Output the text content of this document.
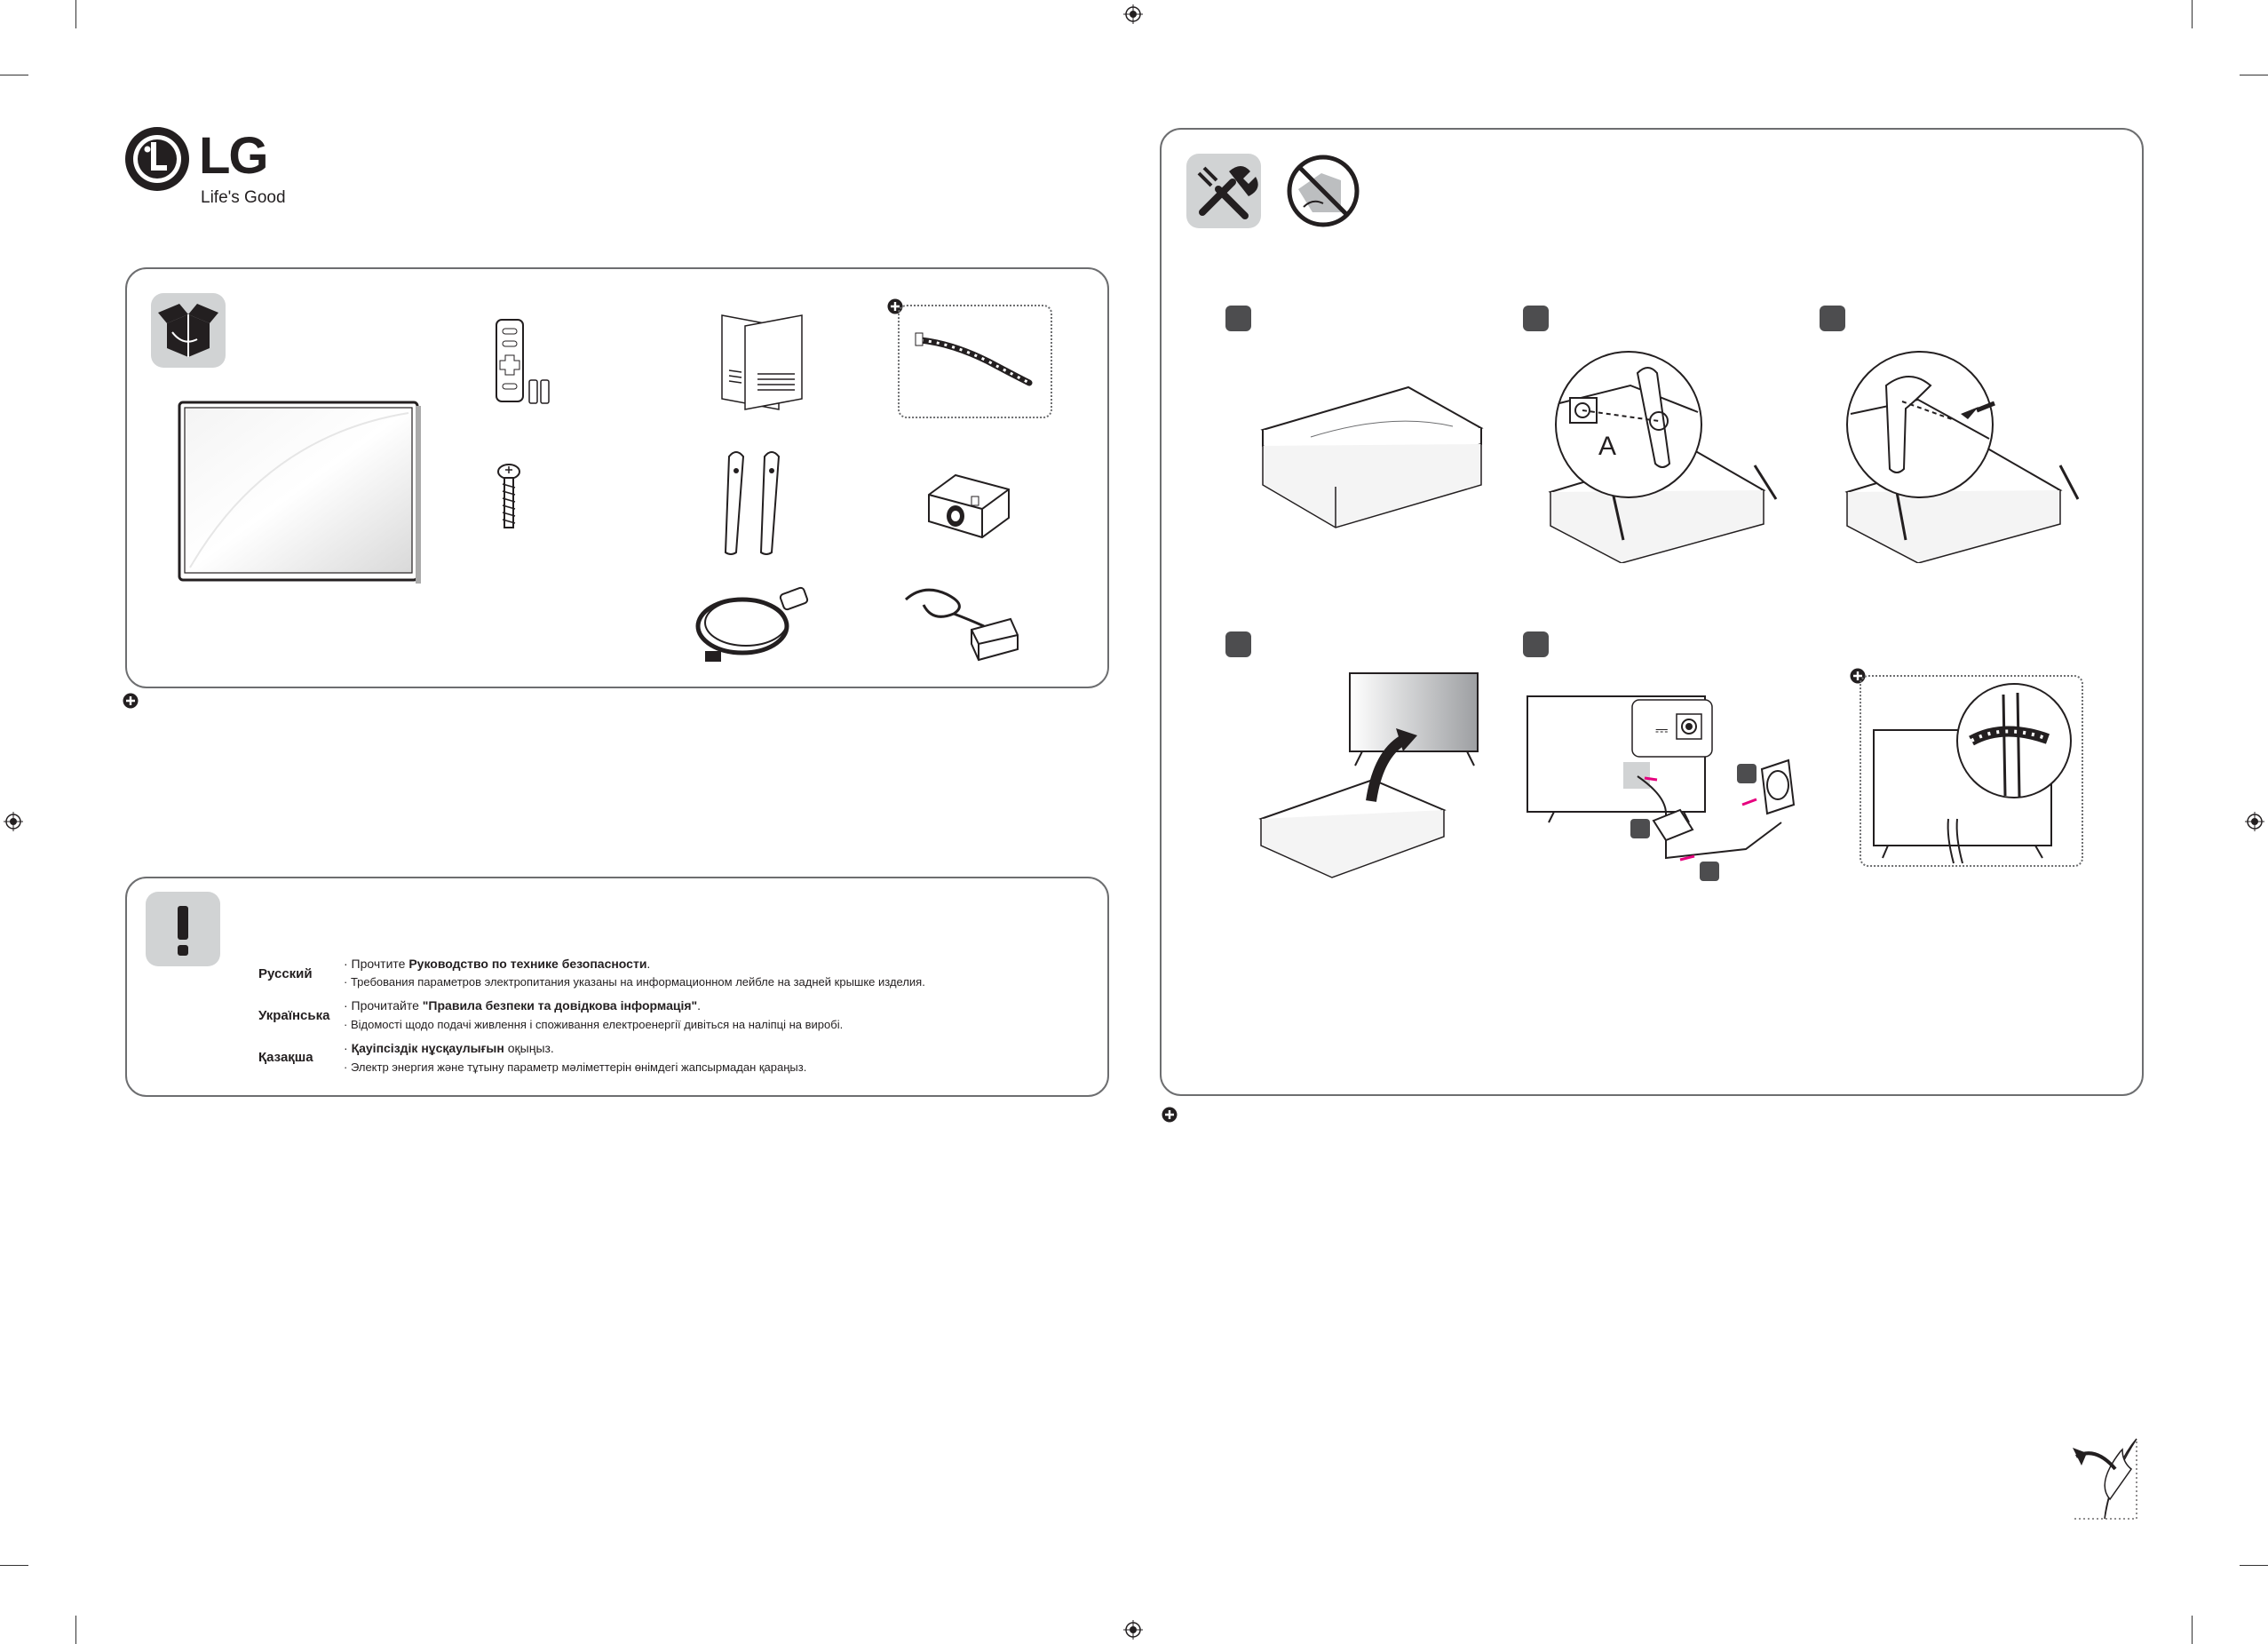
LG
Life's Good
Русский
· Прочтите Руководство по технике безопасности.
· Требования параметров электропитания указаны на информационном лейбле на задней крышке изделия.
Українська
· Прочитайте "Правила безпеки та довідкова інформація".
· Відомості щодо подачі живлення і споживання електроенергії дивіться на наліпці на виробі.
Қазақша
· Қауіпсіздік нұсқаулығын оқыңыз.
· Электр энергия және тұтыну параметр мәліметтерін өнімдегі жапсырмадан қараңыз.
A
⎓
